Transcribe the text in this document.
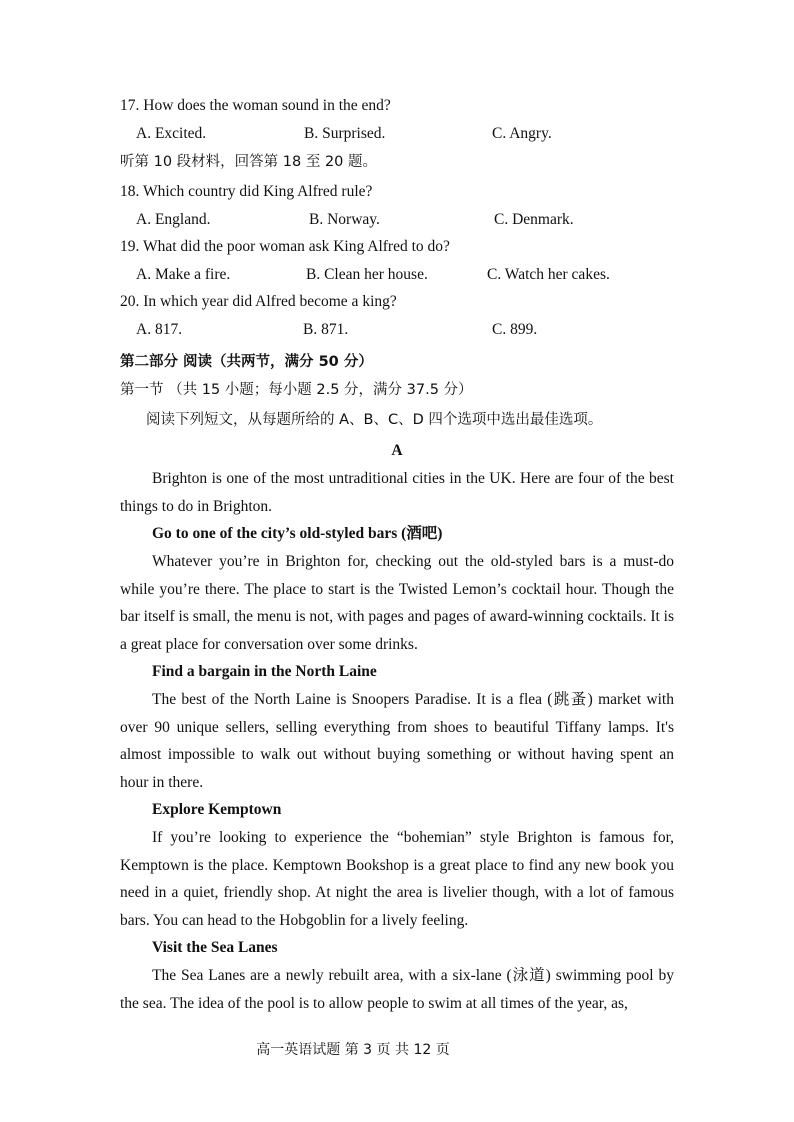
17. How does the woman sound in the end?
A. Excited.	B. Surprised.	C. Angry.
听第 10 段材料，回答第 18 至 20 题。
18. Which country did King Alfred rule?
A. England.	B. Norway.	C. Denmark.
19. What did the poor woman ask King Alfred to do?
A. Make a fire.	B. Clean her house.	C. Watch her cakes.
20. In which year did Alfred become a king?
A. 817.	B. 871.	C. 899.
第二部分 阅读（共两节，满分 50 分）
第一节 （共 15 小题；每小题 2.5 分，满分 37.5 分）
阅读下列短文，从每题所给的 A、B、C、D 四个选项中选出最佳选项。
A
Brighton is one of the most untraditional cities in the UK. Here are four of the best things to do in Brighton.
Go to one of the city’s old-styled bars (酒吧)
Whatever you’re in Brighton for, checking out the old-styled bars is a must-do while you’re there. The place to start is the Twisted Lemon’s cocktail hour. Though the bar itself is small, the menu is not, with pages and pages of award-winning cocktails. It is a great place for conversation over some drinks.
Find a bargain in the North Laine
The best of the North Laine is Snoopers Paradise. It is a flea (跳蚤) market with over 90 unique sellers, selling everything from shoes to beautiful Tiffany lamps. It's almost impossible to walk out without buying something or without having spent an hour in there.
Explore Kemptown
If you’re looking to experience the “bohemian” style Brighton is famous for, Kemptown is the place. Kemptown Bookshop is a great place to find any new book you need in a quiet, friendly shop. At night the area is livelier though, with a lot of famous bars. You can head to the Hobgoblin for a lively feeling.
Visit the Sea Lanes
The Sea Lanes are a newly rebuilt area, with a six-lane (泳道) swimming pool by the sea. The idea of the pool is to allow people to swim at all times of the year, as,
高一英语试题 第 3 页 共 12 页
